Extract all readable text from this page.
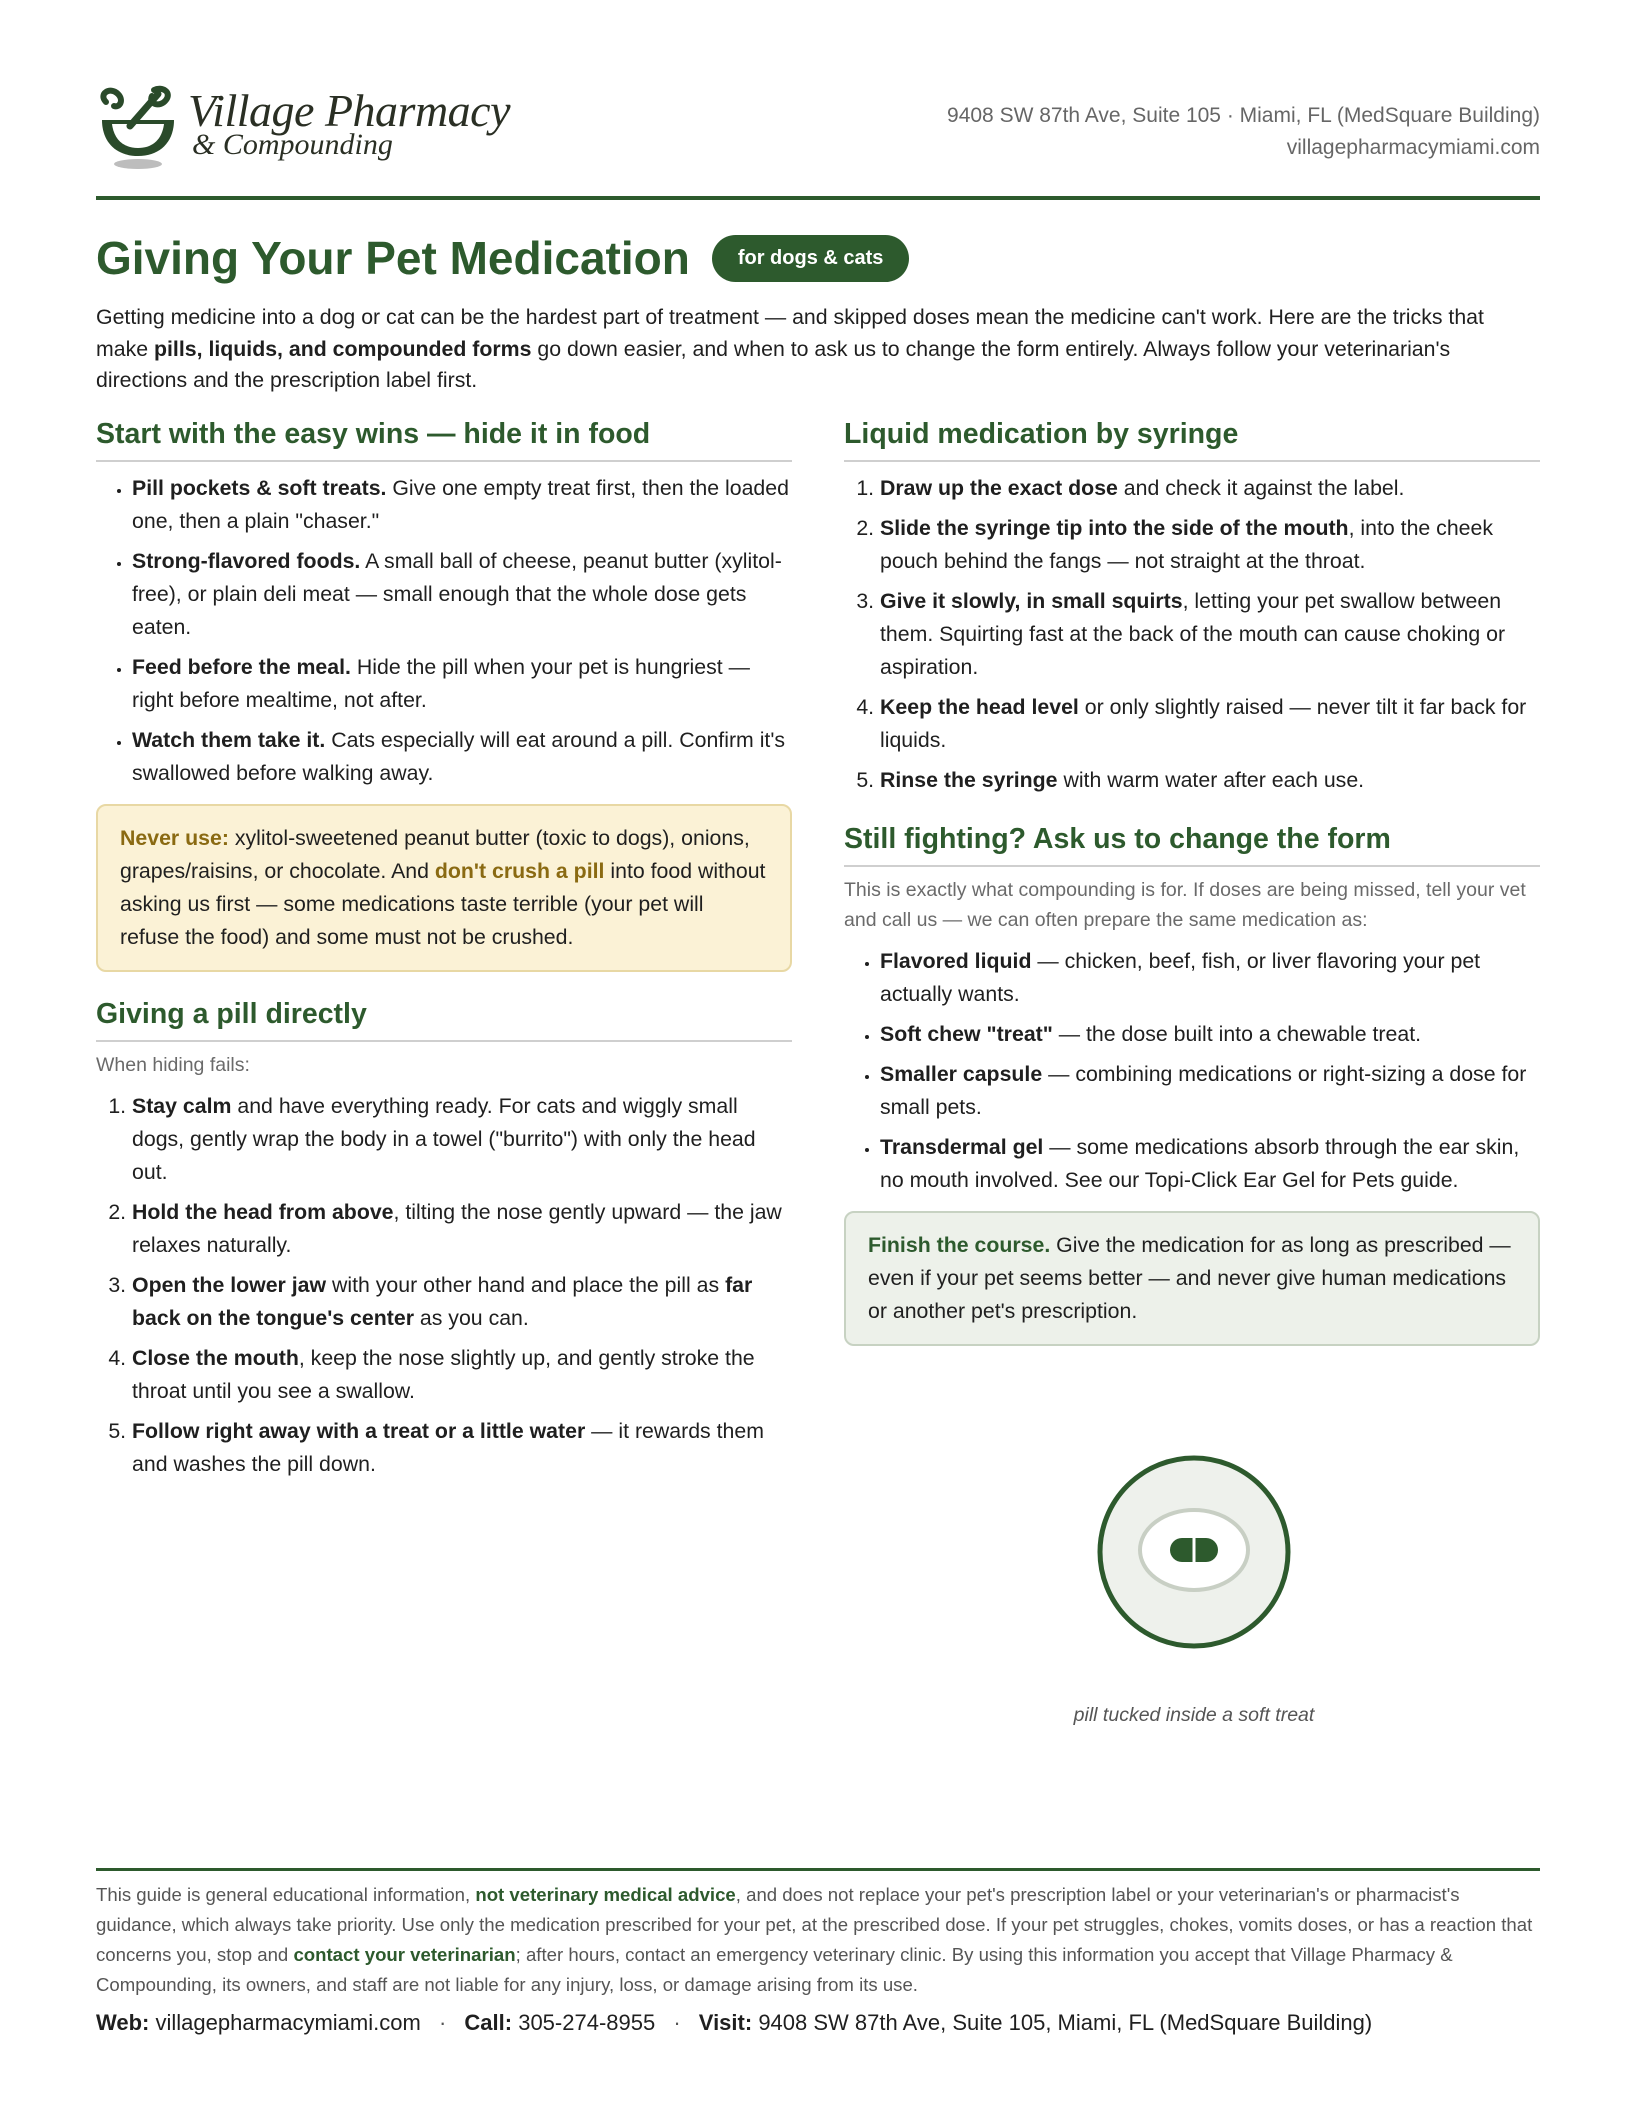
Village Pharmacy
& Compounding
9408 SW 87th Ave, Suite 105 · Miami, FL (MedSquare Building)
villagepharmacymiami.com
Giving Your Pet Medication	for dogs & cats
Getting medicine into a dog or cat can be the hardest part of treatment — and skipped doses mean the medicine can't work. Here are the tricks that make pills, liquids, and compounded forms go down easier, and when to ask us to change the form entirely. Always follow your veterinarian's directions and the prescription label first.
Start with the easy wins — hide it in food
• Pill pockets & soft treats. Give one empty treat first, then the loaded one, then a plain "chaser."
• Strong-flavored foods. A small ball of cheese, peanut butter (xylitol-free), or plain deli meat — small enough that the whole dose gets eaten.
• Feed before the meal. Hide the pill when your pet is hungriest — right before mealtime, not after.
• Watch them take it. Cats especially will eat around a pill. Confirm it's swallowed before walking away.
Never use: xylitol-sweetened peanut butter (toxic to dogs), onions, grapes/raisins, or chocolate. And don't crush a pill into food without asking us first — some medications taste terrible (your pet will refuse the food) and some must not be crushed.
Giving a pill directly
When hiding fails:
1. Stay calm and have everything ready. For cats and wiggly small dogs, gently wrap the body in a towel ("burrito") with only the head out.
2. Hold the head from above, tilting the nose gently upward — the jaw relaxes naturally.
3. Open the lower jaw with your other hand and place the pill as far back on the tongue's center as you can.
4. Close the mouth, keep the nose slightly up, and gently stroke the throat until you see a swallow.
5. Follow right away with a treat or a little water — it rewards them and washes the pill down.
Liquid medication by syringe
1. Draw up the exact dose and check it against the label.
2. Slide the syringe tip into the side of the mouth, into the cheek pouch behind the fangs — not straight at the throat.
3. Give it slowly, in small squirts, letting your pet swallow between them. Squirting fast at the back of the mouth can cause choking or aspiration.
4. Keep the head level or only slightly raised — never tilt it far back for liquids.
5. Rinse the syringe with warm water after each use.
Still fighting? Ask us to change the form
This is exactly what compounding is for. If doses are being missed, tell your vet and call us — we can often prepare the same medication as:
• Flavored liquid — chicken, beef, fish, or liver flavoring your pet actually wants.
• Soft chew "treat" — the dose built into a chewable treat.
• Smaller capsule — combining medications or right-sizing a dose for small pets.
• Transdermal gel — some medications absorb through the ear skin, no mouth involved. See our Topi-Click Ear Gel for Pets guide.
Finish the course. Give the medication for as long as prescribed — even if your pet seems better — and never give human medications or another pet's prescription.
pill tucked inside a soft treat
This guide is general educational information, not veterinary medical advice, and does not replace your pet's prescription label or your veterinarian's or pharmacist's guidance, which always take priority. Use only the medication prescribed for your pet, at the prescribed dose. If your pet struggles, chokes, vomits doses, or has a reaction that concerns you, stop and contact your veterinarian; after hours, contact an emergency veterinary clinic. By using this information you accept that Village Pharmacy & Compounding, its owners, and staff are not liable for any injury, loss, or damage arising from its use.
Web: villagepharmacymiami.com · Call: 305-274-8955 · Visit: 9408 SW 87th Ave, Suite 105, Miami, FL (MedSquare Building)
